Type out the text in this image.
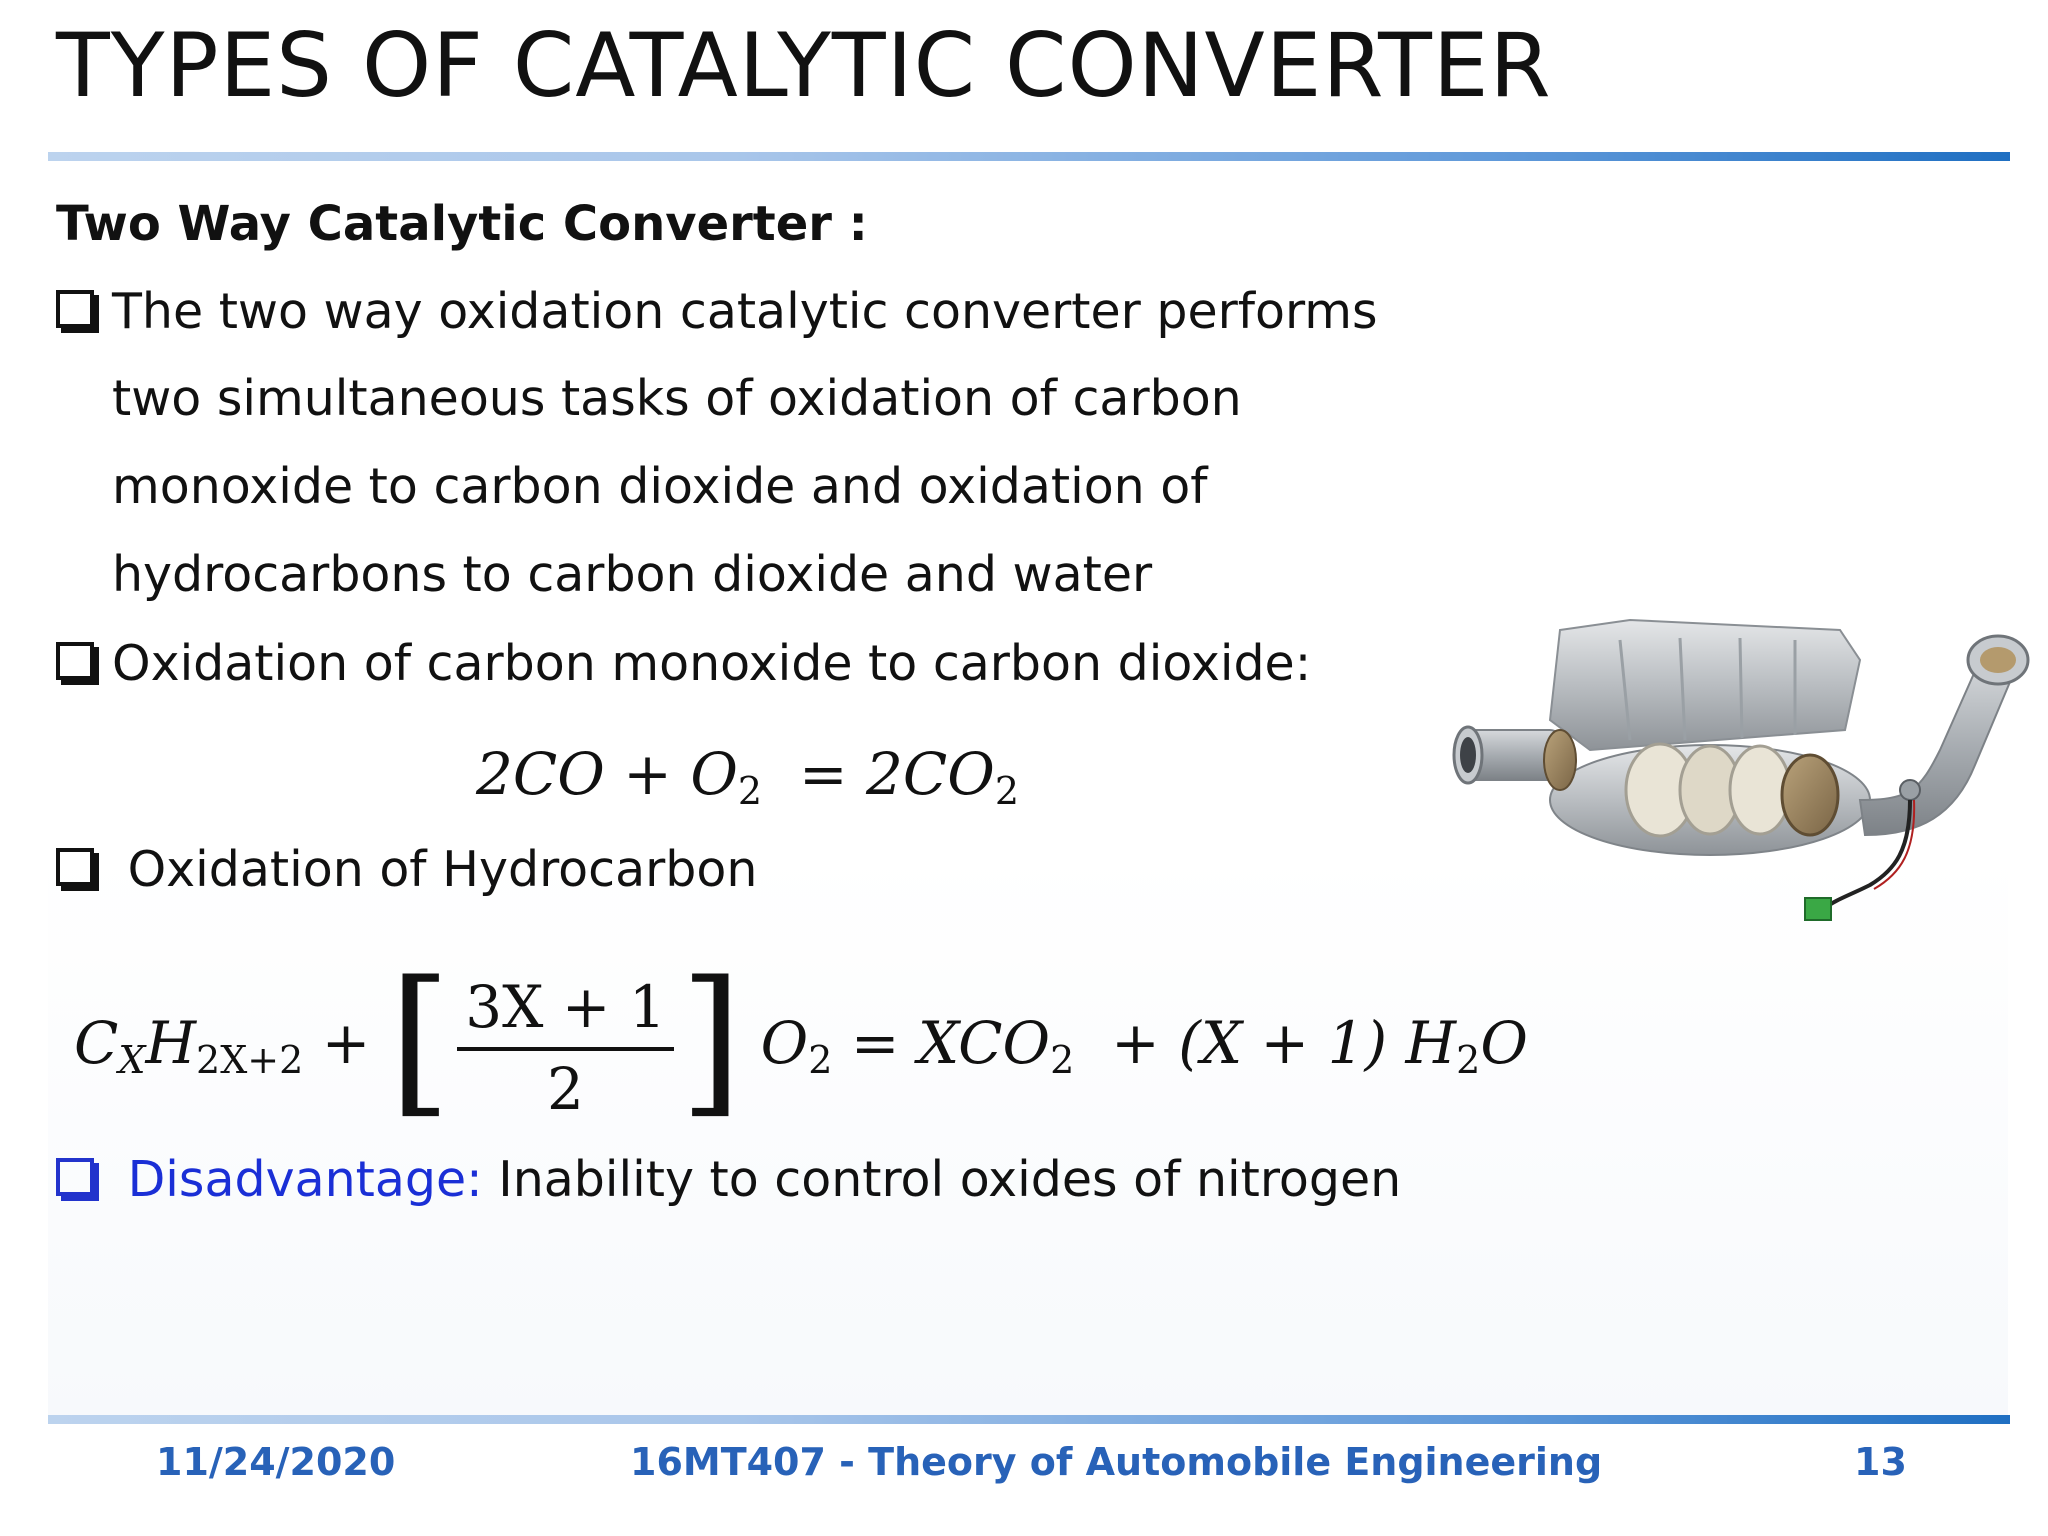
TYPES OF CATALYTIC CONVERTER
Two Way Catalytic Converter :
The two way oxidation catalytic converter performs
two simultaneous tasks of oxidation of carbon
monoxide to carbon dioxide and oxidation of
hydrocarbons to carbon dioxide and water
Oxidation of carbon monoxide to carbon dioxide:
$2CO + O_2 = 2CO_2$
Oxidation of Hydrocarbon
$C_XH_{2X+2}$ + [ $\frac{3X + 1}{2}$ ] $O_2 = XCO_2 + (X + 1)$ $H_2O$
Disadvantage: Inability to control oxides of nitrogen
11/24/2020	16MT407 - Theory of Automobile Engineering	13
